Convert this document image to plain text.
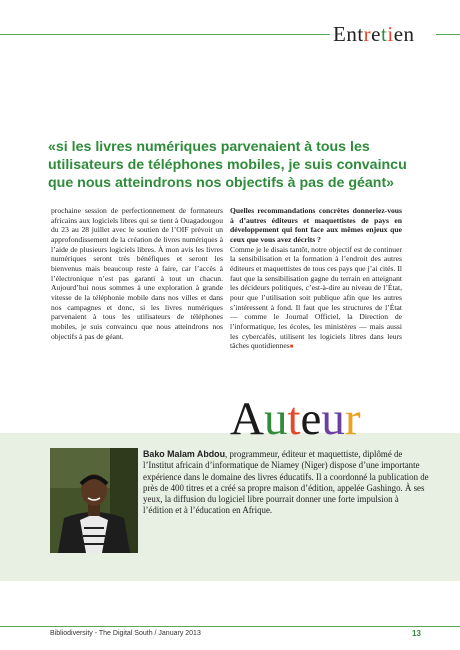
Entretien
«si les livres numériques parvenaient à tous les utilisateurs de téléphones mobiles, je suis convaincu que nous atteindrons nos objectifs à pas de géant»

prochaine session de perfectionnement de formateurs africains aux logiciels libres qui se tient à Ouagadougou du 23 au 28 juillet avec le soutien de l’OIF prévoit un approfondissement de la création de livres numériques à l’aide de plusieurs logiciels libres. À mon avis les livres numériques seront très bénéfiques et seront les bienvenus mais beaucoup reste à faire, car l’accès à l’électronique n’est pas garanti à tout un chacun. Aujourd’hui nous sommes à une exploration à grande vitesse de la téléphonie mobile dans nos villes et dans nos campagnes et donc, si les livres numériques parvenaient à tous les utilisateurs de téléphones mobiles, je suis convaincu que nous atteindrons nos objectifs à pas de géant.

Quelles recommandations concrètes donneriez-vous à d’autres éditeurs et maquettistes de pays en développement qui font face aux mêmes enjeux que ceux que vous avez décrits ?

Comme je le disais tantôt, notre objectif est de continuer la sensibilisation et la formation à l’endroit des autres éditeurs et maquettistes de tous ces pays que j’ai cités. Il faut que la sensibilisation gagne du terrain en atteignant les décideurs politiques, c’est-à-dire au niveau de l’État, pour que l’utilisation soit publique afin que les autres s’intéressent à fond. Il faut que les structures de l’État — comme le Journal Officiel, la Direction de l’informatique, les écoles, les ministères — mais aussi les cybercafés, utilisent les logiciels libres dans leurs tâches quotidiennes■

Auteur
Bako Malam Abdou, programmeur, éditeur et maquettiste, diplômé de l’Institut africain d’informatique de Niamey (Niger) dispose d’une importante expérience dans le domaine des livres éducatifs. Il a coordonné la publication de près de 400 titres et a créé sa propre maison d’édition, appelée Gashingo. À ses yeux, la diffusion du logiciel libre pourrait donner une forte impulsion à l’édition et à l’éducation en Afrique.
Bibliodiversity - The Digital South / January 2013	13
